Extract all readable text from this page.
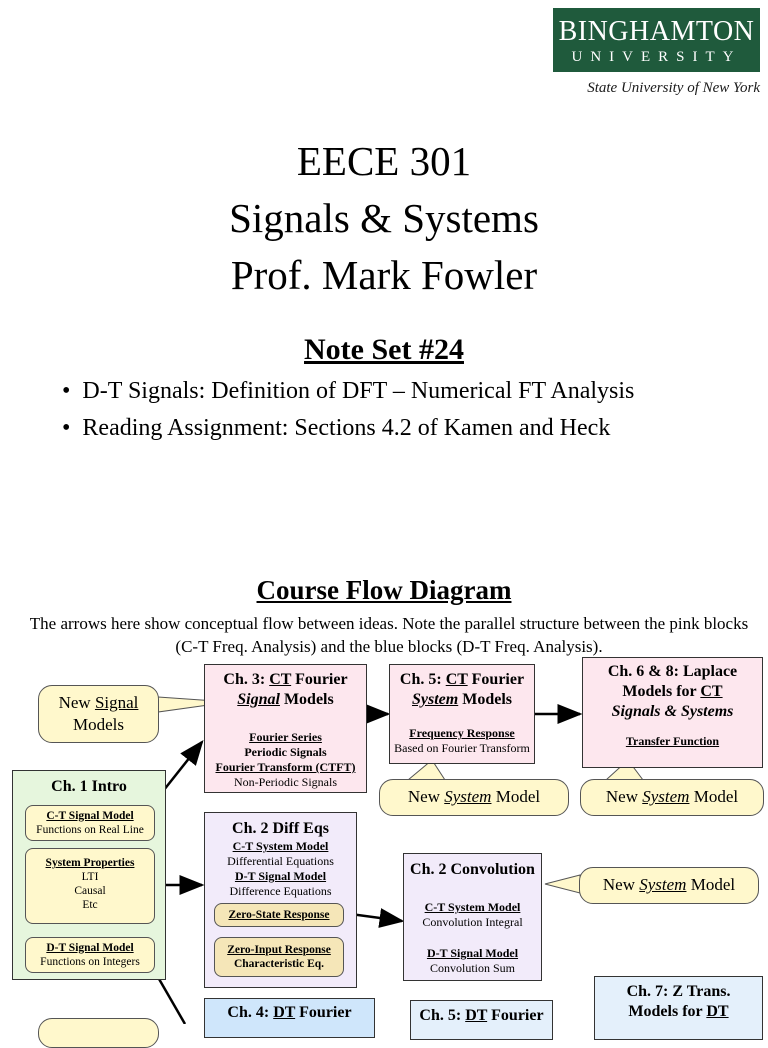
BINGHAMTON
UNIVERSITY
State University of New York
EECE 301
Signals & Systems
Prof. Mark Fowler
Note Set #24
• D-T Signals: Definition of DFT – Numerical FT Analysis
• Reading Assignment: Sections 4.2 of Kamen and Heck
Course Flow Diagram
The arrows here show conceptual flow between ideas. Note the parallel structure between the pink blocks (C-T Freq. Analysis) and the blue blocks (D-T Freq. Analysis).
Ch. 3: CT Fourier
Signal Models
Fourier Series
Periodic Signals
Fourier Transform (CTFT)
Non-Periodic Signals
Ch. 5: CT Fourier
System Models
Frequency Response
Based on Fourier Transform
Ch. 6 & 8: Laplace
Models for CT
Signals & Systems
Transfer Function
Ch. 1 Intro
C-T Signal Model
Functions on Real Line
System Properties
LTI
Causal
Etc
D-T Signal Model
Functions on Integers
Ch. 2 Diff Eqs
C-T System Model
Differential Equations
D-T Signal Model
Difference Equations
Zero-State Response
Zero-Input Response
Characteristic Eq.
Ch. 2 Convolution
C-T System Model
Convolution Integral
D-T Signal Model
Convolution Sum
Ch. 4: DT Fourier	Ch. 5: DT Fourier
Ch. 7: Z Trans.
Models for DT
New Signal
Models
New System Model	New System Model
New System Model
